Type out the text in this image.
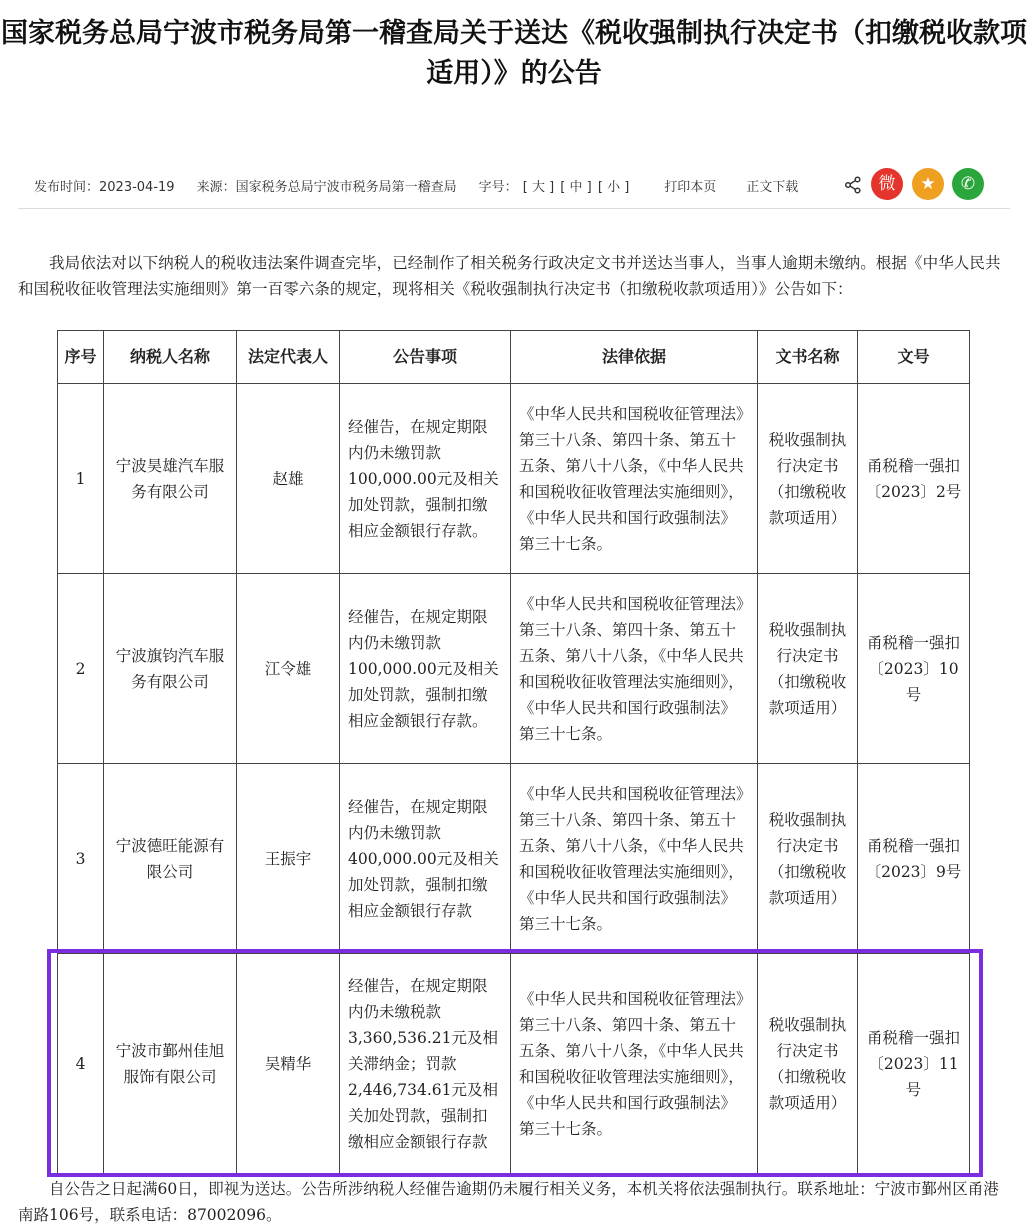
国家税务总局宁波市税务局第一稽查局关于送达《税收强制执行决定书（扣缴税收款项适用）》的公告
发布时间：2023-04-19 来源：国家税务总局宁波市税务局第一稽查局 字号： [ 大 ] [ 中 ] [ 小 ]	打印本页 正文下载	微	★	✆
我局依法对以下纳税人的税收违法案件调查完毕，已经制作了相关税务行政决定文书并送达当事人，当事人逾期未缴纳。根据《中华人民共和国税收征收管理法实施细则》第一百零六条的规定，现将相关《税收强制执行决定书（扣缴税收款项适用）》公告如下：
序号	纳税人名称	法定代表人	公告事项	法律依据	文书名称	文号
1	宁波昊雄汽车服务有限公司	赵雄	经催告，在规定期限内仍未缴罚款100,000.00元及相关加处罚款，强制扣缴相应金额银行存款。	《中华人民共和国税收征管理法》第三十八条、第四十条、第五十五条、第八十八条，《中华人民共和国税收征收管理法实施细则》，《中华人民共和国行政强制法》第三十七条。	税收强制执行决定书（扣缴税收款项适用）	甬税稽一强扣〔2023〕2号
2	宁波旗钧汽车服务有限公司	江令雄	经催告，在规定期限内仍未缴罚款100,000.00元及相关加处罚款，强制扣缴相应金额银行存款。	《中华人民共和国税收征管理法》第三十八条、第四十条、第五十五条、第八十八条，《中华人民共和国税收征收管理法实施细则》，《中华人民共和国行政强制法》第三十七条。	税收强制执行决定书（扣缴税收款项适用）	甬税稽一强扣〔2023〕10号
3	宁波德旺能源有限公司	王振宇	经催告，在规定期限内仍未缴罚款400,000.00元及相关加处罚款，强制扣缴相应金额银行存款	《中华人民共和国税收征管理法》第三十八条、第四十条、第五十五条、第八十八条，《中华人民共和国税收征收管理法实施细则》，《中华人民共和国行政强制法》第三十七条。	税收强制执行决定书（扣缴税收款项适用）	甬税稽一强扣〔2023〕9号
4	宁波市鄞州佳旭服饰有限公司	吴精华	经催告，在规定期限内仍未缴税款3,360,536.21元及相关滞纳金；罚款2,446,734.61元及相关加处罚款，强制扣缴相应金额银行存款	《中华人民共和国税收征管理法》第三十八条、第四十条、第五十五条、第八十八条，《中华人民共和国税收征收管理法实施细则》，《中华人民共和国行政强制法》第三十七条。	税收强制执行决定书（扣缴税收款项适用）	甬税稽一强扣〔2023〕11号
自公告之日起满60日，即视为送达。公告所涉纳税人经催告逾期仍未履行相关义务，本机关将依法强制执行。联系地址：宁波市鄞州区甬港南路106号，联系电话：87002096。
